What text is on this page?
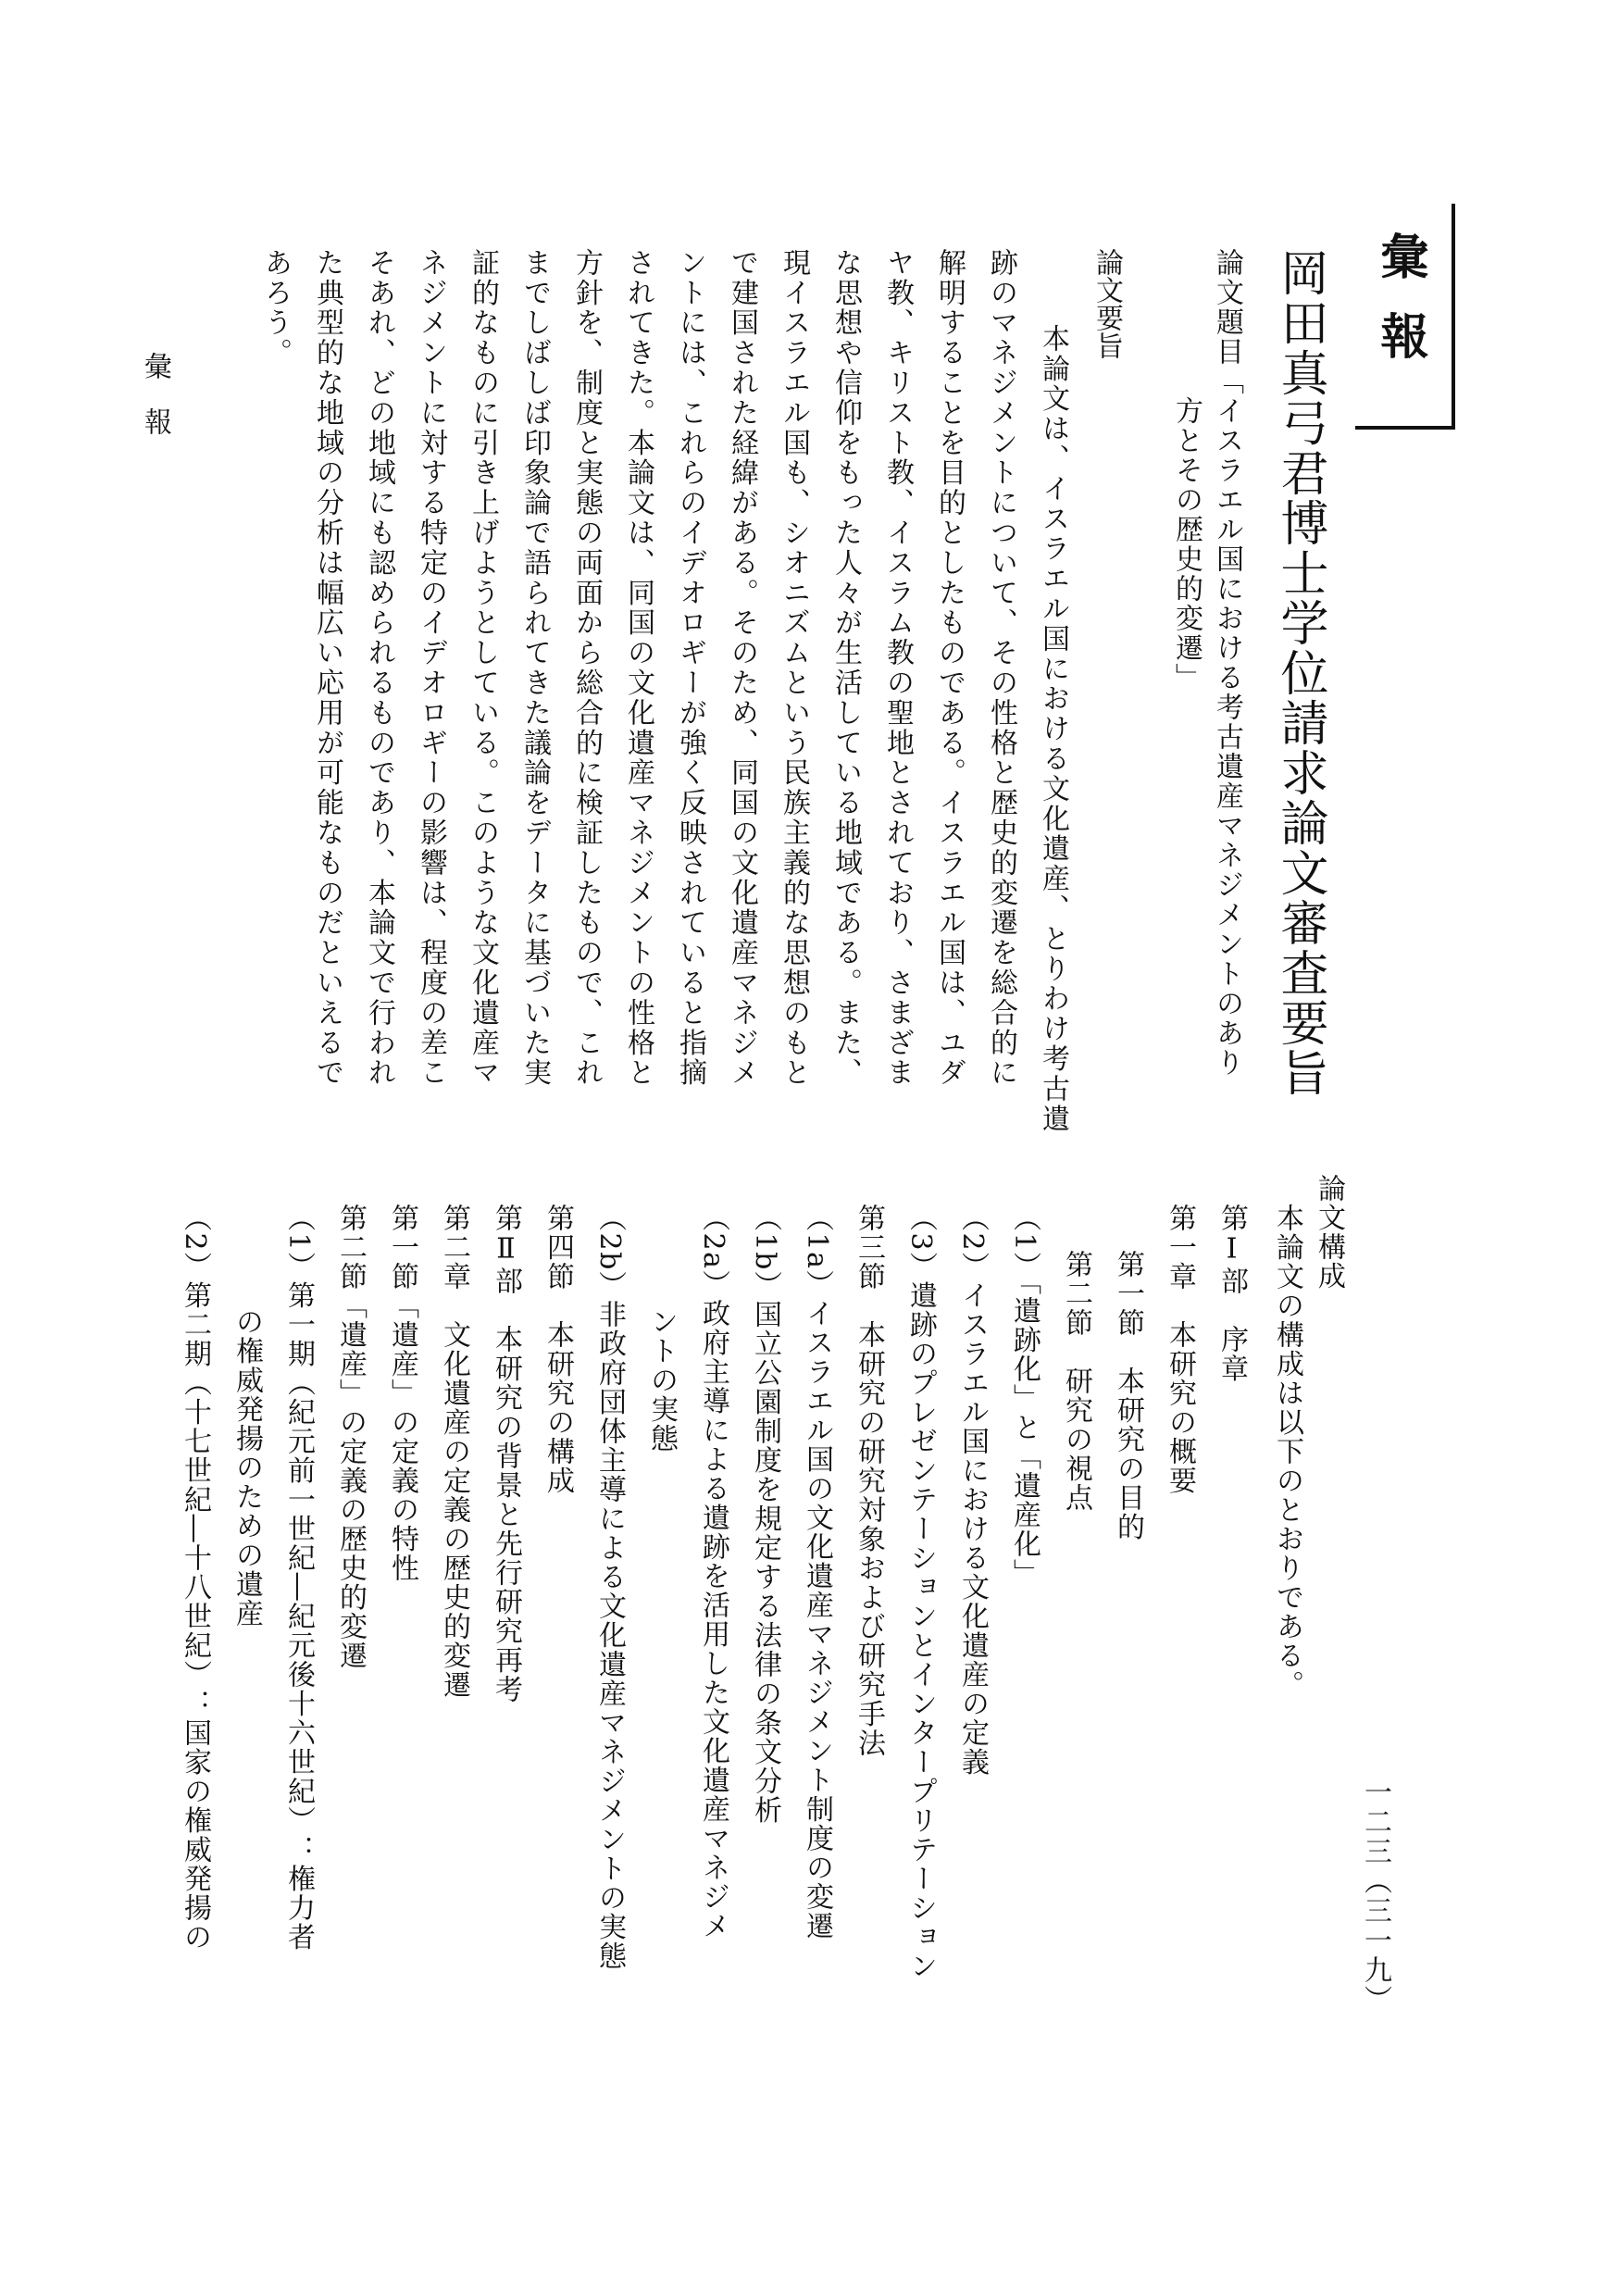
彙報
岡田真弓君博士学位請求論文審査要旨
論文題目「イスラエル国における考古遺産マネジメントのあり
方とその歴史的変遷」
論文要旨
本論文は、イスラエル国における文化遺産、とりわけ考古遺
跡のマネジメントについて、その性格と歴史的変遷を総合的に
解明することを目的としたものである。イスラエル国は、ユダ
ヤ教、キリスト教、イスラム教の聖地とされており、さまざま
な思想や信仰をもった人々が生活している地域である。また、
現イスラエル国も、シオニズムという民族主義的な思想のもと
で建国された経緯がある。そのため、同国の文化遺産マネジメ
ントには、これらのイデオロギーが強く反映されていると指摘
されてきた。本論文は、同国の文化遺産マネジメントの性格と
方針を、制度と実態の両面から総合的に検証したもので、これ
までしばしば印象論で語られてきた議論をデータに基づいた実
証的なものに引き上げようとしている。このような文化遺産マ
ネジメントに対する特定のイデオロギーの影響は、程度の差こ
そあれ、どの地域にも認められるものであり、本論文で行われ
た典型的な地域の分析は幅広い応用が可能なものだといえるで
あろう。
論文構成
本論文の構成は以下のとおりである。
第Ⅰ部　序章
第一章　本研究の概要
第一節　本研究の目的
第二節　研究の視点
（1）「遺跡化」と「遺産化」
（2）イスラエル国における文化遺産の定義
（3）遺跡のプレゼンテーションとインタープリテーション
第三節　本研究の研究対象および研究手法
（1a）イスラエル国の文化遺産マネジメント制度の変遷
（1b）国立公園制度を規定する法律の条文分析
（2a）政府主導による遺跡を活用した文化遺産マネジメ
ントの実態
（2b）非政府団体主導による文化遺産マネジメントの実態
第四節　本研究の構成
第Ⅱ部　本研究の背景と先行研究再考
第二章　文化遺産の定義の歴史的変遷
第一節「遺産」の定義の特性
第二節「遺産」の定義の歴史的変遷
（1）第一期（紀元前一世紀―紀元後十六世紀）：権力者
の権威発揚のための遺産
（2）第二期（十七世紀―十八世紀）：国家の権威発揚の
彙報
一二三（三一九）
